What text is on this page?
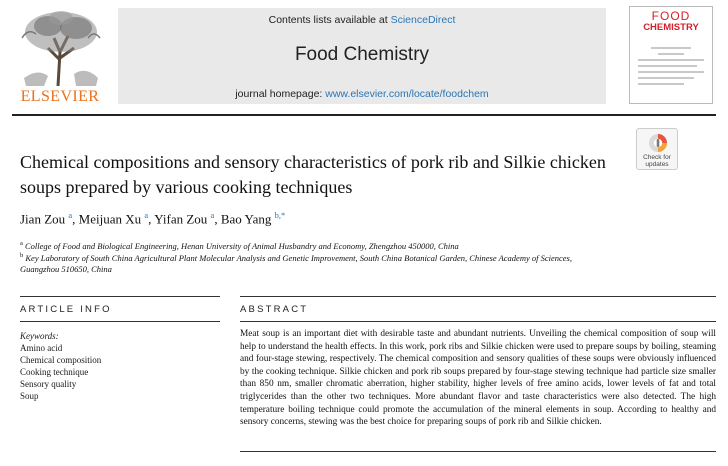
ELSEVIER
Contents lists available at ScienceDirect
Food Chemistry
journal homepage: www.elsevier.com/locate/foodchem
FOOD
CHEMISTRY
Chemical compositions and sensory characteristics of pork rib and Silkie chicken soups prepared by various cooking techniques
Check for
updates
Jian Zou $^a$, Meijuan Xu $^a$, Yifan Zou $^a$, Bao Yang $^{b,*}$
$^a$ College of Food and Biological Engineering, Henan University of Animal Husbandry and Economy, Zhengzhou 450000, China
$^b$ Key Laboratory of South China Agricultural Plant Molecular Analysis and Genetic Improvement, South China Botanical Garden, Chinese Academy of Sciences, Guangzhou 510650, China
ARTICLE INFO	ABSTRACT
Keywords:
Amino acid
Chemical composition
Cooking technique
Sensory quality
Soup

Meat soup is an important diet with desirable taste and abundant nutrients. Unveiling the chemical composition of soup will help to understand the health effects. In this work, pork ribs and Silkie chicken were used to prepare soups by boiling, steaming and four-stage stewing, respectively. The chemical composition and sensory qualities of these soups were obviously influenced by the cooking technique. Silkie chicken and pork rib soups prepared by four-stage stewing technique had particle size smaller than 850 nm, smaller chromatic aberration, higher stability, higher levels of free amino acids, lower levels of fat and total triglycerides than the other two techniques. More abundant flavor and taste characteristics were also detected. The high temperature boiling technique could promote the accumulation of the mineral elements in soup. According to healthy and sensory concerns, stewing was the best choice for preparing soups of pork rib and Silkie chicken.
